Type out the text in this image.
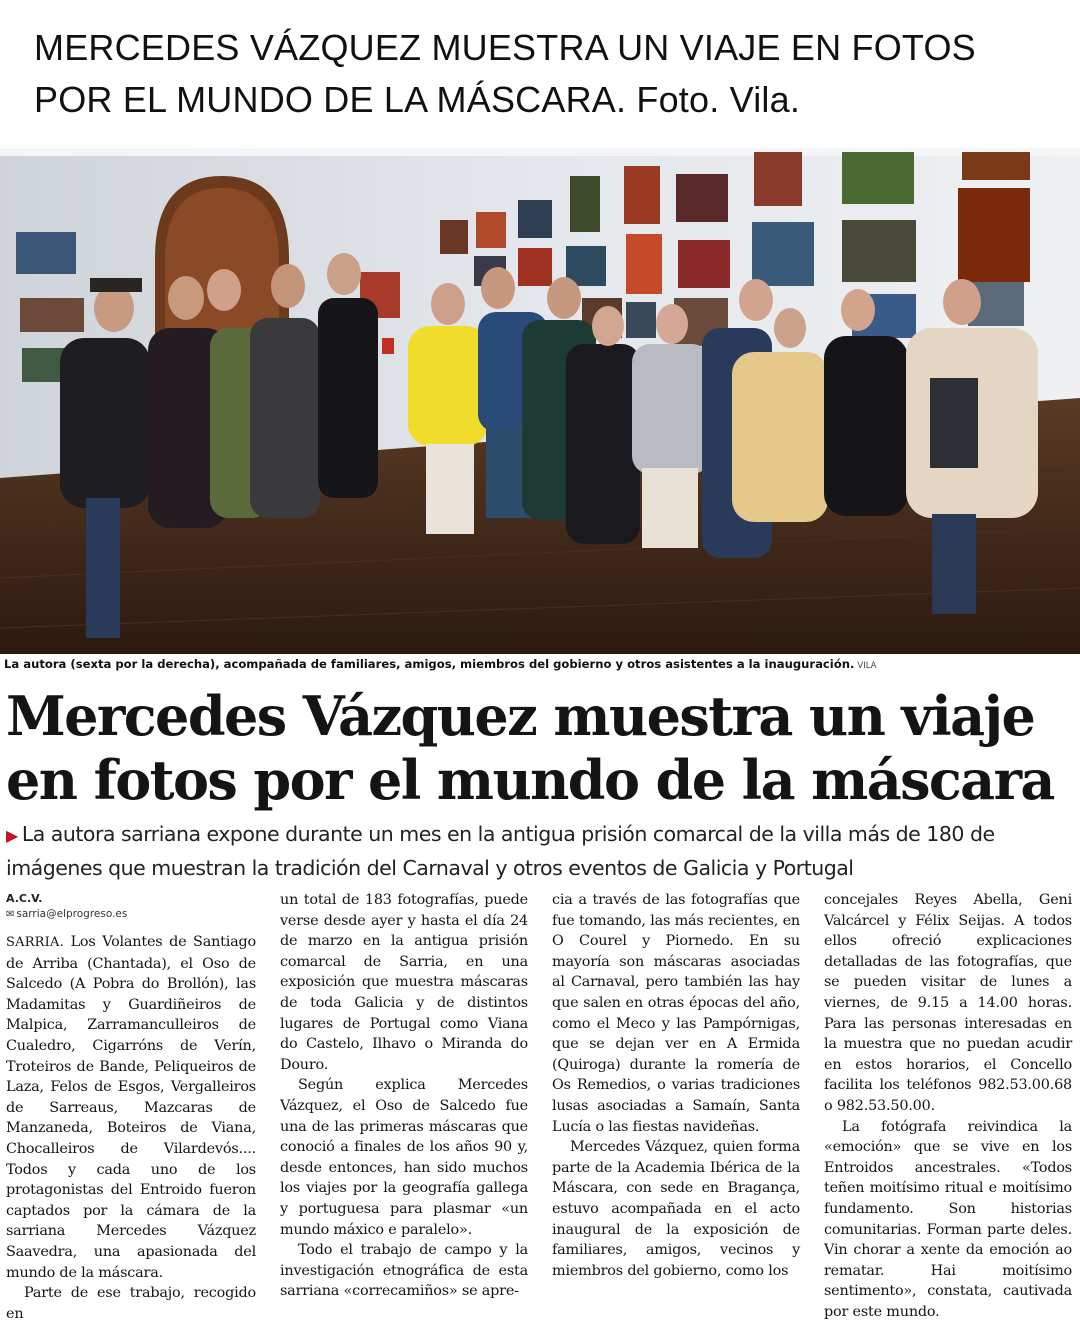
MERCEDES VÁZQUEZ MUESTRA UN VIAJE EN FOTOS POR EL MUNDO DE LA MÁSCARA. Foto. Vila.
La autora (sexta por la derecha), acompañada de familiares, amigos, miembros del gobierno y otros asistentes a la inauguración. VILA
Mercedes Vázquez muestra un viaje en fotos por el mundo de la máscara
▶ La autora sarriana expone durante un mes en la antigua prisión comarcal de la villa más de 180 de imágenes que muestran la tradición del Carnaval y otros eventos de Galicia y Portugal
A.C.V.
✉ sarria@elprogreso.es

SARRIA. Los Volantes de Santiago de Arriba (Chantada), el Oso de Salcedo (A Pobra do Brollón), las Madamitas y Guardiñeiros de Malpica, Zarramanculleiros de Cualedro, Cigarróns de Verín, Troteiros de Bande, Peliqueiros de Laza, Felos de Esgos, Vergalleiros de Sarreaus, Mazcaras de Manzaneda, Boteiros de Viana, Chocalleiros de Vilardevós.... Todos y cada uno de los protagonistas del Entroido fueron captados por la cámara de la sarriana Mercedes Vázquez Saavedra, una apasionada del mundo de la máscara.

Parte de ese trabajo, recogido en

un total de 183 fotografías, puede verse desde ayer y hasta el día 24 de marzo en la antigua prisión comarcal de Sarria, en una exposición que muestra máscaras de toda Galicia y de distintos lugares de Portugal como Viana do Castelo, Ilhavo o Miranda do Douro.

Según explica Mercedes Vázquez, el Oso de Salcedo fue una de las primeras máscaras que conoció a finales de los años 90 y, desde entonces, han sido muchos los viajes por la geografía gallega y portuguesa para plasmar «un mundo máxico e paralelo».

Todo el trabajo de campo y la investigación etnográfica de esta sarriana «correcamiños» se apre-

cia a través de las fotografías que fue tomando, las más recientes, en O Courel y Piornedo. En su mayoría son máscaras asociadas al Carnaval, pero también las hay que salen en otras épocas del año, como el Meco y las Pampórnigas, que se dejan ver en A Ermida (Quiroga) durante la romería de Os Remedios, o varias tradiciones lusas asociadas a Samaín, Santa Lucía o las fiestas navideñas.

Mercedes Vázquez, quien forma parte de la Academia Ibérica de la Máscara, con sede en Bragança, estuvo acompañada en el acto inaugural de la exposición de familiares, amigos, vecinos y miembros del gobierno, como los

concejales Reyes Abella, Geni Valcárcel y Félix Seijas. A todos ellos ofreció explicaciones detalladas de las fotografías, que se pueden visitar de lunes a viernes, de 9.15 a 14.00 horas. Para las personas interesadas en la muestra que no puedan acudir en estos horarios, el Concello facilita los teléfonos 982.53.00.68 o 982.53.50.00.

La fotógrafa reivindica la «emoción» que se vive en los Entroidos ancestrales. «Todos teñen moitísimo ritual e moitísimo fundamento. Son historias comunitarias. Forman parte deles. Vin chorar a xente da emoción ao rematar. Hai moitísimo sentimento», constata, cautivada por este mundo.
